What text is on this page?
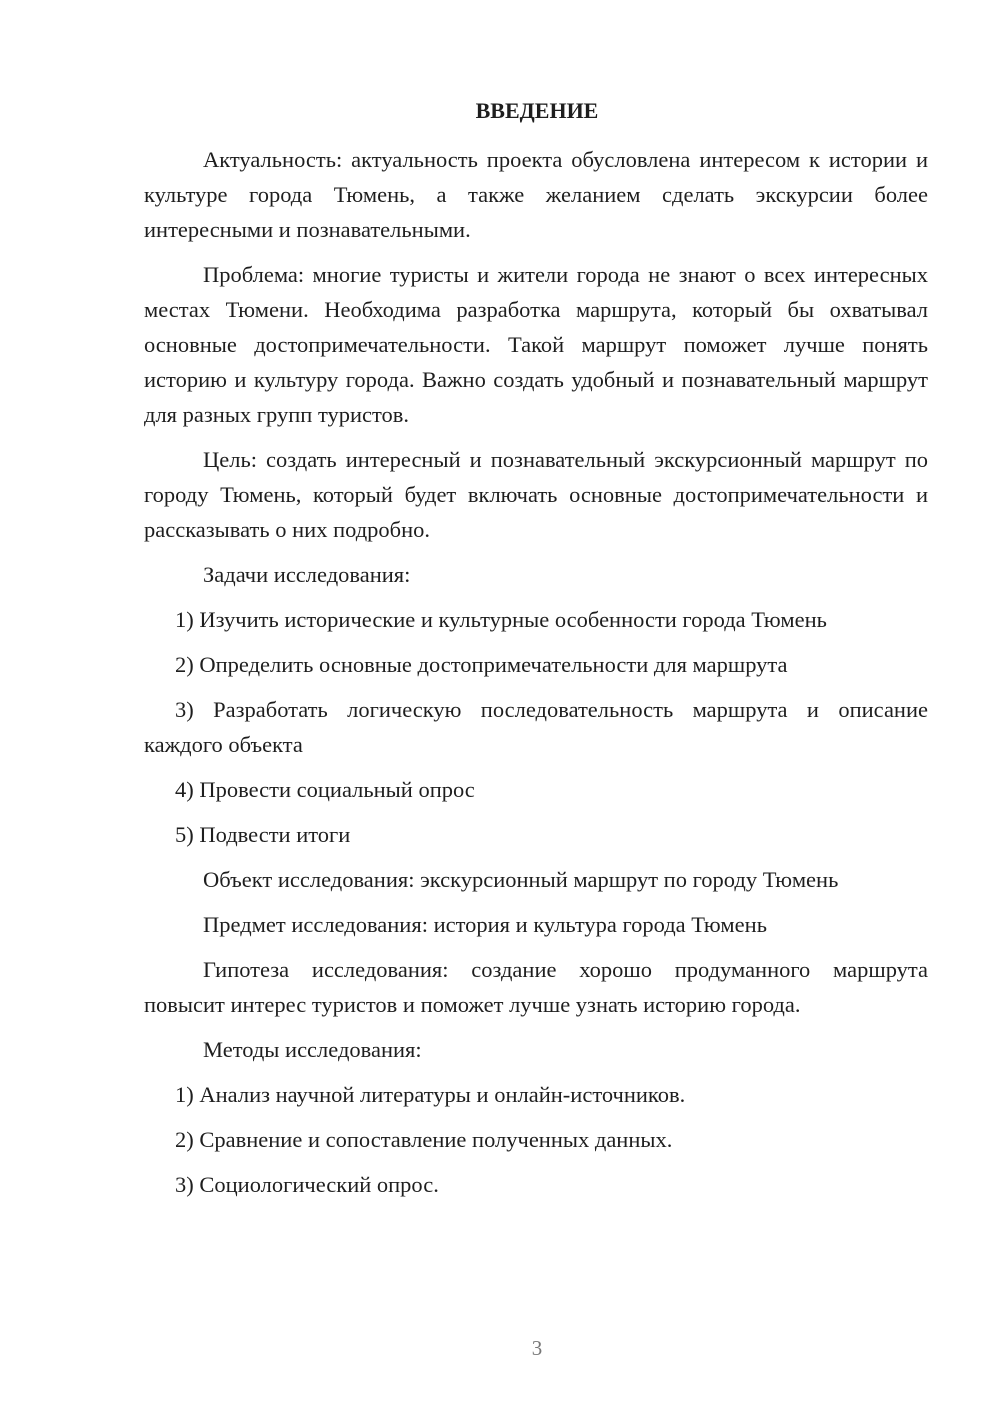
ВВЕДЕНИЕ

Актуальность: актуальность проекта обусловлена интересом к истории и культуре города Тюмень, а также желанием сделать экскурсии более интересными и познавательными.

Проблема: многие туристы и жители города не знают о всех интересных местах Тюмени. Необходима разработка маршрута, который бы охватывал основные достопримечательности. Такой маршрут поможет лучше понять историю и культуру города. Важно создать удобный и познавательный маршрут для разных групп туристов.

Цель: создать интересный и познавательный экскурсионный маршрут по городу Тюмень, который будет включать основные достопримечательности и рассказывать о них подробно.

Задачи исследования:

1) Изучить исторические и культурные особенности города Тюмень

2) Определить основные достопримечательности для маршрута

3) Разработать логическую последовательность маршрута и описание каждого объекта

4) Провести социальный опрос

5) Подвести итоги

Объект исследования: экскурсионный маршрут по городу Тюмень

Предмет исследования: история и культура города Тюмень

Гипотеза исследования: создание хорошо продуманного маршрута повысит интерес туристов и поможет лучше узнать историю города.

Методы исследования:

1) Анализ научной литературы и онлайн-источников.

2) Сравнение и сопоставление полученных данных.

3) Социологический опрос.

3
